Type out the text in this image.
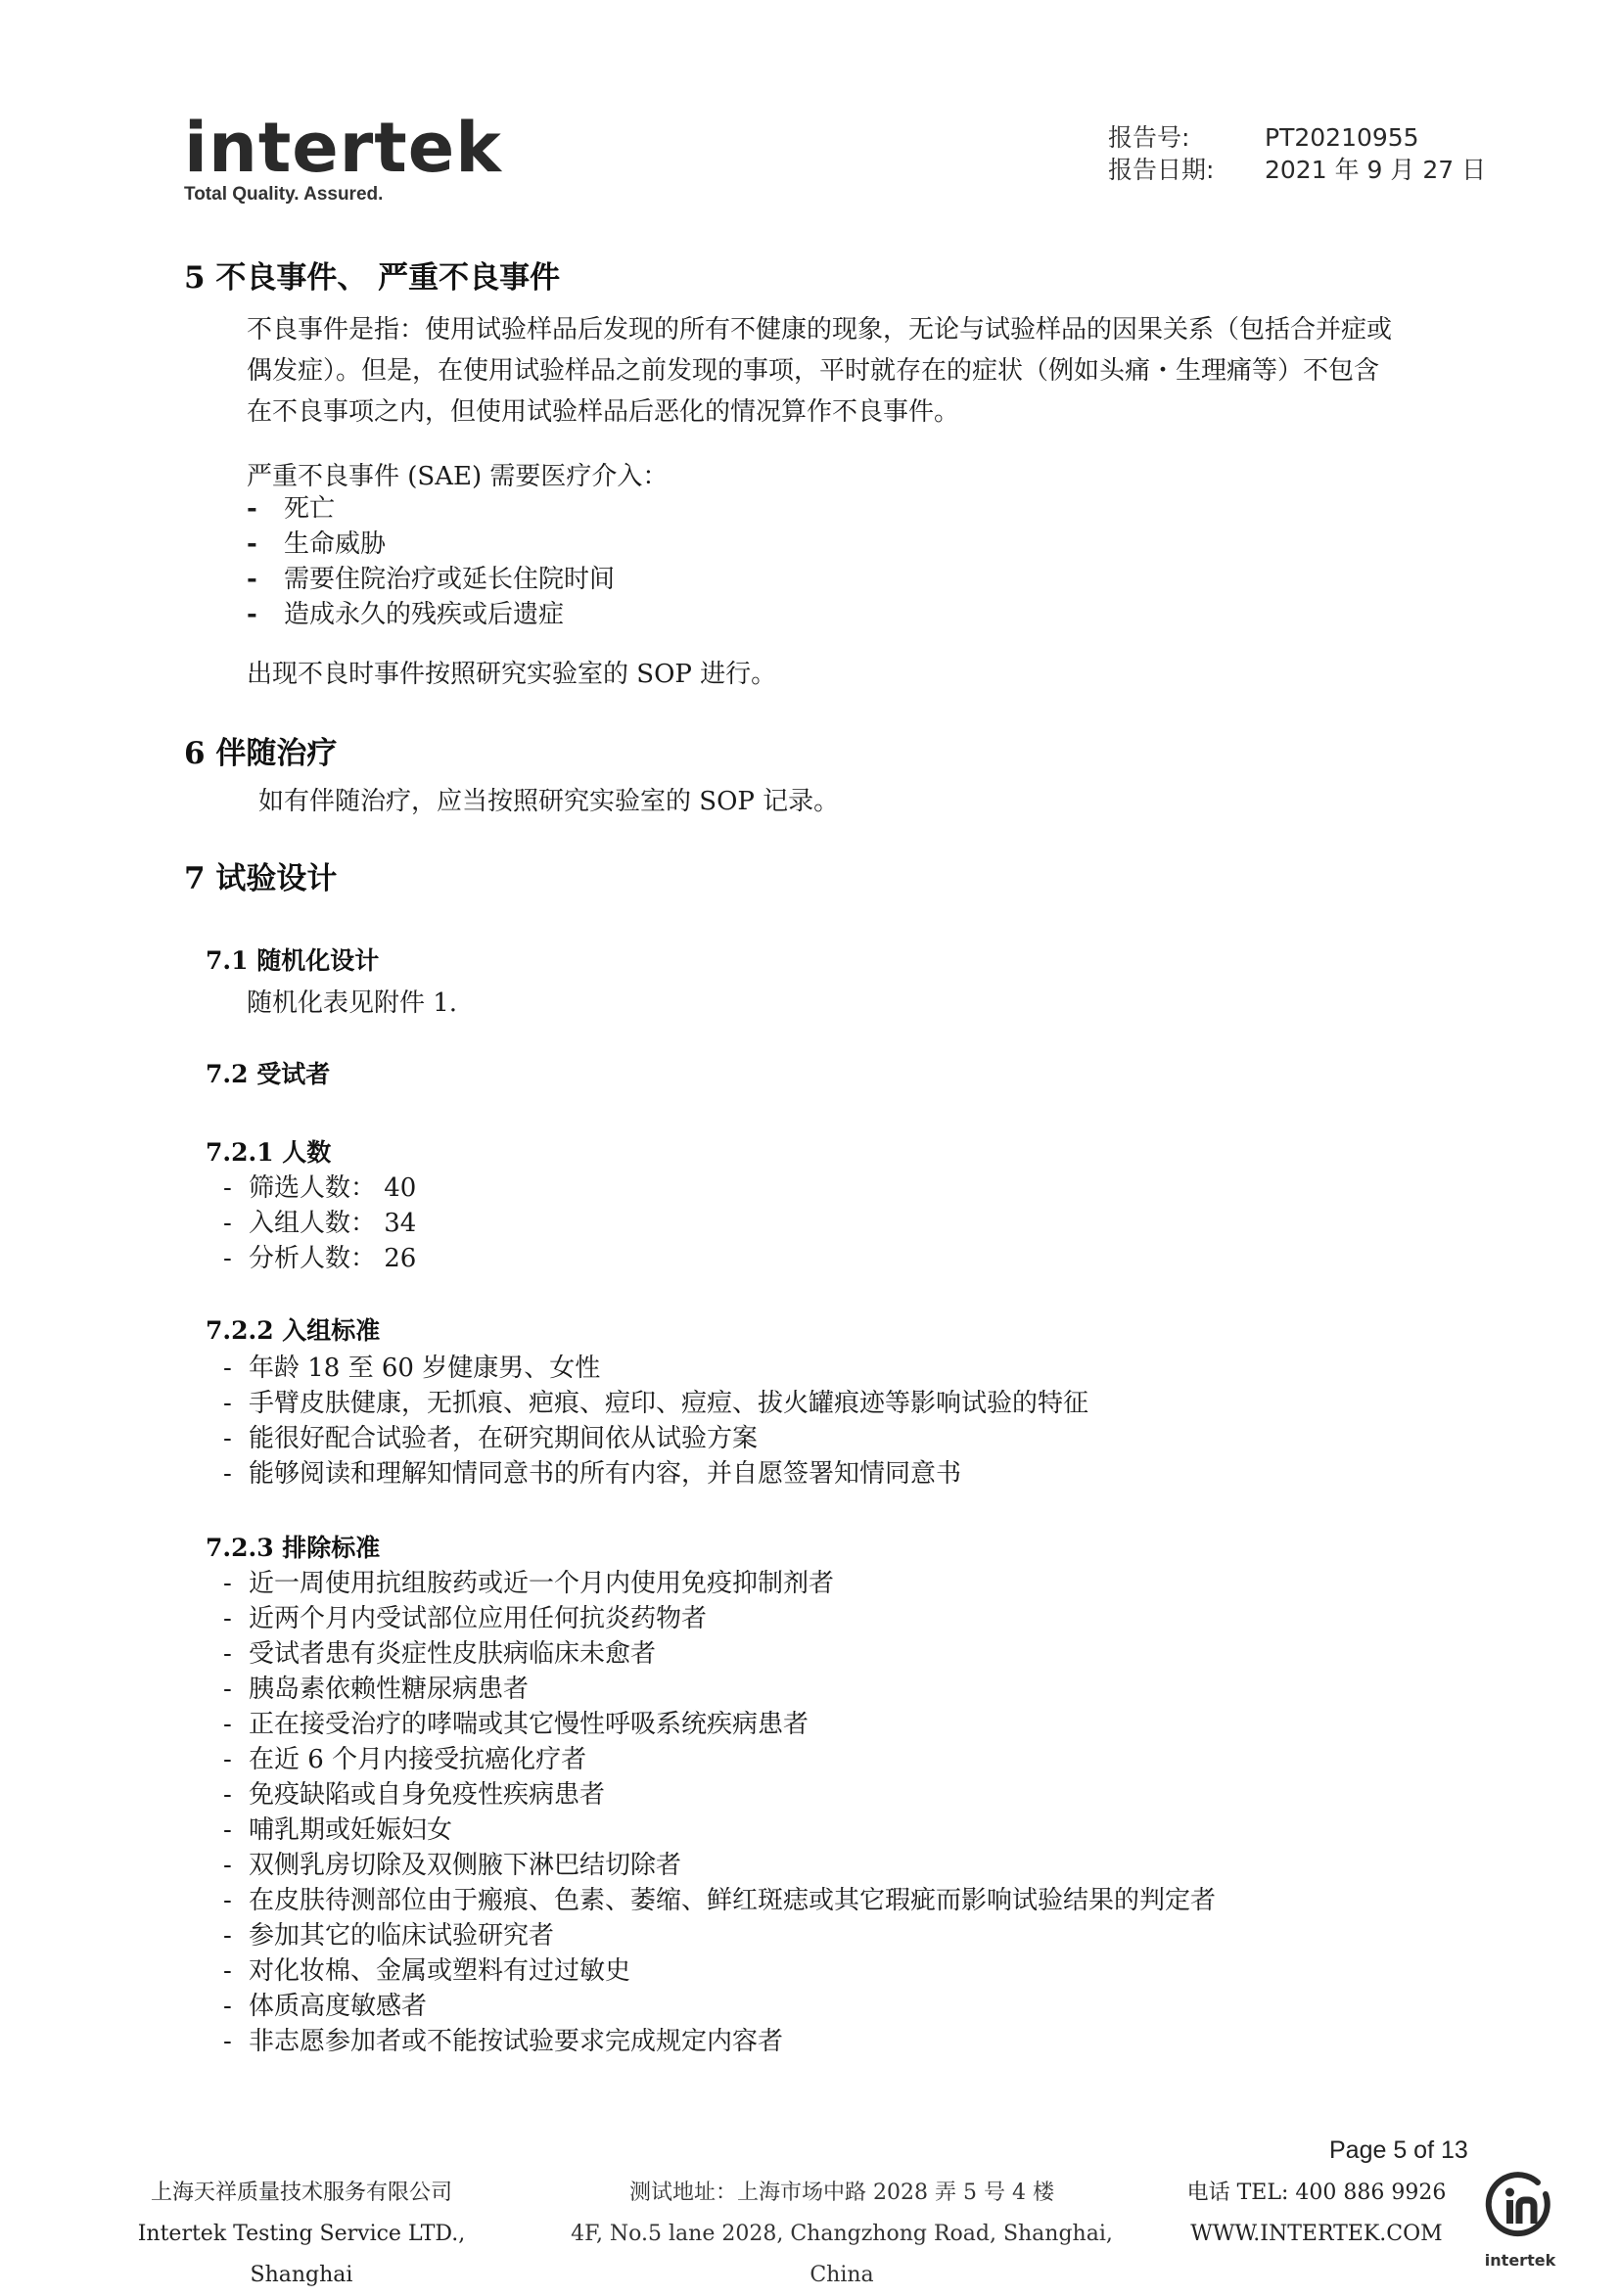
intertek
Total Quality. Assured.
报告号:	PT20210955
报告日期:	2021 年 9 月 27 日
5 不良事件、 严重不良事件
不良事件是指：使用试验样品后发现的所有不健康的现象，无论与试验样品的因果关系（包括合并症或
偶发症）。但是，在使用试验样品之前发现的事项，平时就存在的症状（例如头痛・生理痛等）不包含
在不良事项之内，但使用试验样品后恶化的情况算作不良事件。
严重不良事件 (SAE) 需要医疗介入：
-	死亡
-	生命威胁
-	需要住院治疗或延长住院时间
-	造成永久的残疾或后遗症
出现不良时事件按照研究实验室的 SOP 进行。
6 伴随治疗
如有伴随治疗，应当按照研究实验室的 SOP 记录。
7 试验设计
7.1 随机化设计
随机化表见附件 1.
7.2 受试者
7.2.1 人数
- 筛选人数： 40
- 入组人数： 34
- 分析人数： 26
7.2.2 入组标准
- 年龄 18 至 60 岁健康男、女性
- 手臂皮肤健康，无抓痕、疤痕、痘印、痘痘、拔火罐痕迹等影响试验的特征
- 能很好配合试验者，在研究期间依从试验方案
- 能够阅读和理解知情同意书的所有内容，并自愿签署知情同意书
7.2.3 排除标准
- 近一周使用抗组胺药或近一个月内使用免疫抑制剂者
- 近两个月内受试部位应用任何抗炎药物者
- 受试者患有炎症性皮肤病临床未愈者
- 胰岛素依赖性糖尿病患者
- 正在接受治疗的哮喘或其它慢性呼吸系统疾病患者
- 在近 6 个月内接受抗癌化疗者
- 免疫缺陷或自身免疫性疾病患者
- 哺乳期或妊娠妇女
- 双侧乳房切除及双侧腋下淋巴结切除者
- 在皮肤待测部位由于瘢痕、色素、萎缩、鲜红斑痣或其它瑕疵而影响试验结果的判定者
- 参加其它的临床试验研究者
- 对化妆棉、金属或塑料有过过敏史
- 体质高度敏感者
- 非志愿参加者或不能按试验要求完成规定内容者
Page 5 of 13
上海天祥质量技术服务有限公司
Intertek Testing Service LTD., Shanghai
测试地址：上海市场中路 2028 弄 5 号 4 楼
4F, No.5 lane 2028, Changzhong Road, Shanghai, China
电话 TEL: 400 886 9926
WWW.INTERTEK.COM
intertek
